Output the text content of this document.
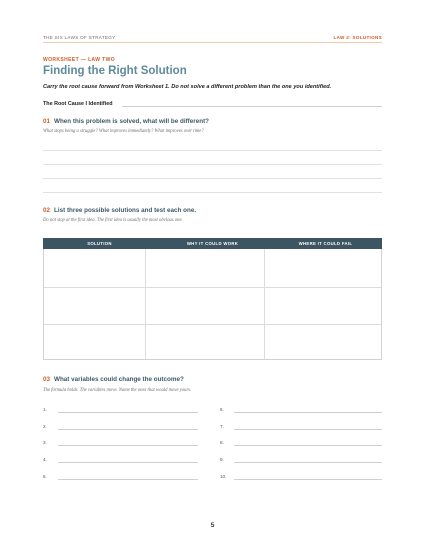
THE SIX LAWS OF STRATEGY	LAW 2: SOLUTIONS
WORKSHEET — LAW TWO
Finding the Right Solution
Carry the root cause forward from Worksheet 1. Do not solve a different problem than the one you identified.
The Root Cause I Identified
01 When this problem is solved, what will be different?
What stops being a struggle? What improves immediately? What improves over time?
02 List three possible solutions and test each one.
Do not stop at the first idea. The first idea is usually the most obvious one.
SOLUTION	WHY IT COULD WORK	WHERE IT COULD FAIL
03 What variables could change the outcome?
The formula holds. The variables move. Name the ones that would move yours.
1.
2.
3.
4.
5.
6.
7.
8.
9.
10.
5
